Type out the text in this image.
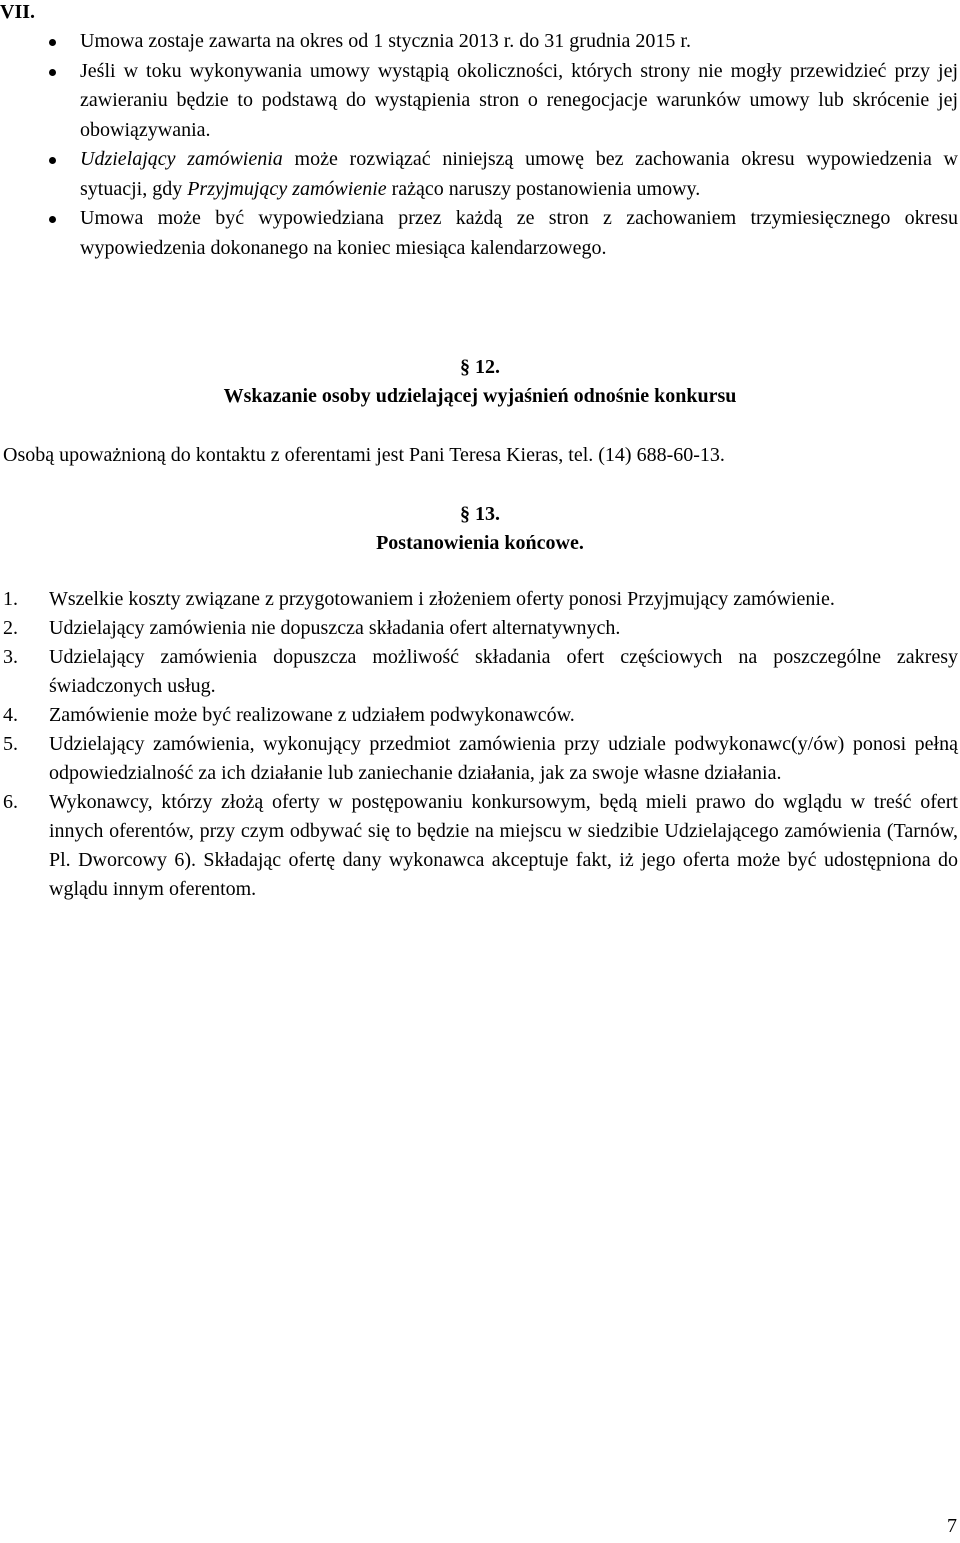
VII.
Umowa zostaje zawarta na okres od 1 stycznia 2013 r. do 31 grudnia 2015 r.
Jeśli w toku wykonywania umowy wystąpią okoliczności, których strony nie mogły przewidzieć przy jej zawieraniu będzie to podstawą do wystąpienia stron o renegocjacje warunków umowy lub skrócenie jej obowiązywania.
Udzielający zamówienia może rozwiązać niniejszą umowę bez zachowania okresu wypowiedzenia w sytuacji, gdy Przyjmujący zamówienie rażąco naruszy postanowienia umowy.
Umowa może być wypowiedziana przez każdą ze stron z zachowaniem trzymiesięcznego okresu wypowiedzenia dokonanego na koniec miesiąca kalendarzowego.
§ 12.
Wskazanie osoby udzielającej wyjaśnień odnośnie konkursu
Osobą upoważnioną do kontaktu z oferentami jest Pani Teresa Kieras, tel. (14) 688-60-13.
§ 13.
Postanowienia końcowe.
1. Wszelkie koszty związane z przygotowaniem i złożeniem oferty ponosi Przyjmujący zamówienie.
2. Udzielający zamówienia nie dopuszcza składania ofert alternatywnych.
3. Udzielający zamówienia dopuszcza możliwość składania ofert częściowych na poszczególne zakresy świadczonych usług.
4. Zamówienie może być realizowane z udziałem podwykonawców.
5. Udzielający zamówienia, wykonujący przedmiot zamówienia przy udziale podwykonawc(y/ów) ponosi pełną odpowiedzialność za ich działanie lub zaniechanie działania, jak za swoje własne działania.
6. Wykonawcy, którzy złożą oferty w postępowaniu konkursowym, będą mieli prawo do wglądu w treść ofert innych oferentów, przy czym odbywać się to będzie na miejscu w siedzibie Udzielającego zamówienia (Tarnów, Pl. Dworcowy 6). Składając ofertę dany wykonawca akceptuje fakt, iż jego oferta może być udostępniona do wglądu innym oferentom.
7
